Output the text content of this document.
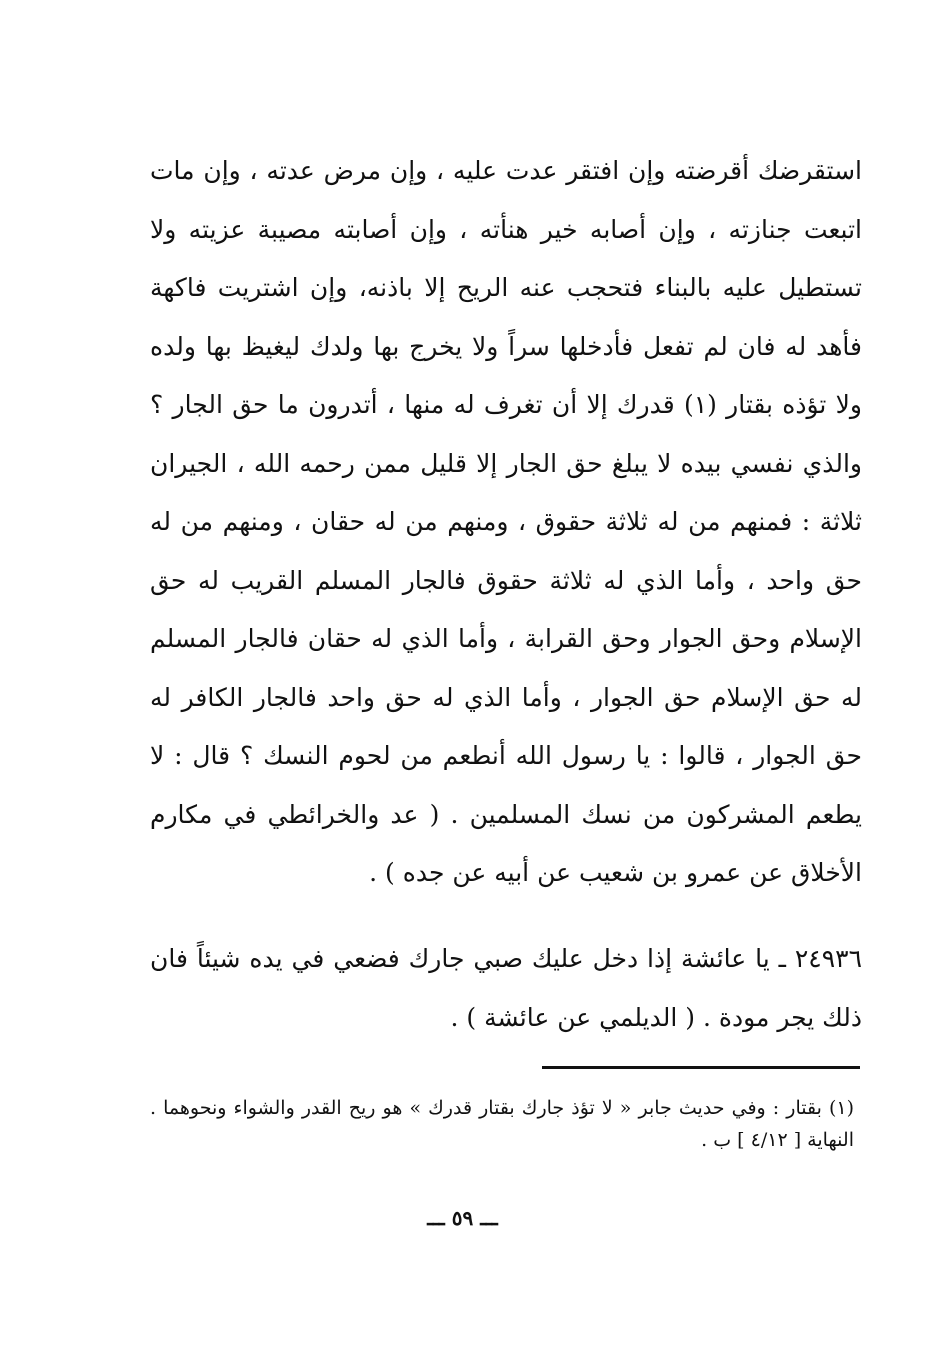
استقرضك أقرضته وإن افتقر عدت عليه ، وإن مرض عدته ، وإن مات اتبعت جنازته ، وإن أصابه خير هنأته ، وإن أصابته مصيبة عزيته ولا تستطيل عليه بالبناء فتحجب عنه الريح إلا باذنه، وإن اشتريت فاكهة فأهد له فان لم تفعل فأدخلها سراً ولا يخرج بها ولدك ليغيظ بها ولده ولا تؤذه بقتار (١) قدرك إلا أن تغرف له منها ، أتدرون ما حق الجار ؟ والذي نفسي بيده لا يبلغ حق الجار إلا قليل ممن رحمه الله ، الجيران ثلاثة : فمنهم من له ثلاثة حقوق ، ومنهم من له حقان ، ومنهم من له حق واحد ، وأما الذي له ثلاثة حقوق فالجار المسلم القريب له حق الإسلام وحق الجوار وحق القرابة ، وأما الذي له حقان فالجار المسلم له حق الإسلام حق الجوار ، وأما الذي له حق واحد فالجار الكافر له حق الجوار ، قالوا : يا رسول الله أنطعم من لحوم النسك ؟ قال : لا يطعم المشركون من نسك المسلمين . ( عد والخرائطي في مكارم الأخلاق عن عمرو بن شعيب عن أبيه عن جده ) .

٢٤٩٣٦ ـ يا عائشة إذا دخل عليك صبي جارك فضعي في يده شيئاً فان ذلك يجر مودة . ( الديلمي عن عائشة ) .

(١) بقتار : وفي حديث جابر « لا تؤذ جارك بقتار قدرك » هو ريح القدر والشواء ونحوهما . النهاية [ ٤/١٢ ] ب .

ـــ ٥٩ ـــ
